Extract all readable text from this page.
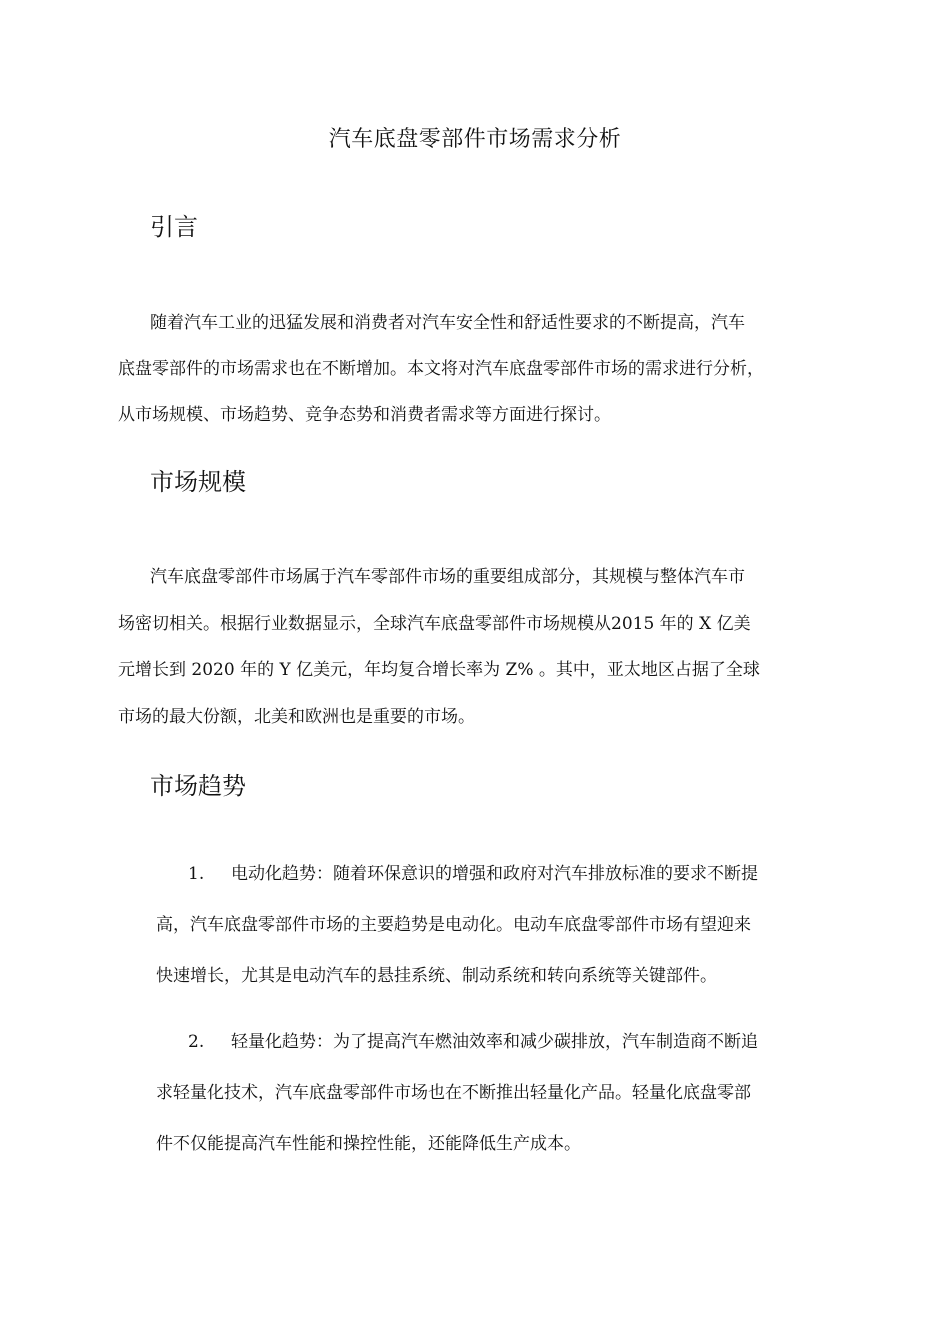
汽车底盘零部件市场需求分析
引言
随着汽车工业的迅猛发展和消费者对汽车安全性和舒适性要求的不断提高，汽车
底盘零部件的市场需求也在不断增加。本文将对汽车底盘零部件市场的需求进行分析，
从市场规模、市场趋势、竞争态势和消费者需求等方面进行探讨。
市场规模
汽车底盘零部件市场属于汽车零部件市场的重要组成部分，其规模与整体汽车市
场密切相关。根据行业数据显示，全球汽车底盘零部件市场规模从2015 年的 X 亿美
元增长到 2020 年的 Y 亿美元，年均复合增长率为 Z% 。其中，亚太地区占据了全球
市场的最大份额，北美和欧洲也是重要的市场。
市场趋势
1. 电动化趋势：随着环保意识的增强和政府对汽车排放标准的要求不断提
高，汽车底盘零部件市场的主要趋势是电动化。电动车底盘零部件市场有望迎来
快速增长，尤其是电动汽车的悬挂系统、制动系统和转向系统等关键部件。
2. 轻量化趋势：为了提高汽车燃油效率和减少碳排放，汽车制造商不断追
求轻量化技术，汽车底盘零部件市场也在不断推出轻量化产品。轻量化底盘零部
件不仅能提高汽车性能和操控性能，还能降低生产成本。
